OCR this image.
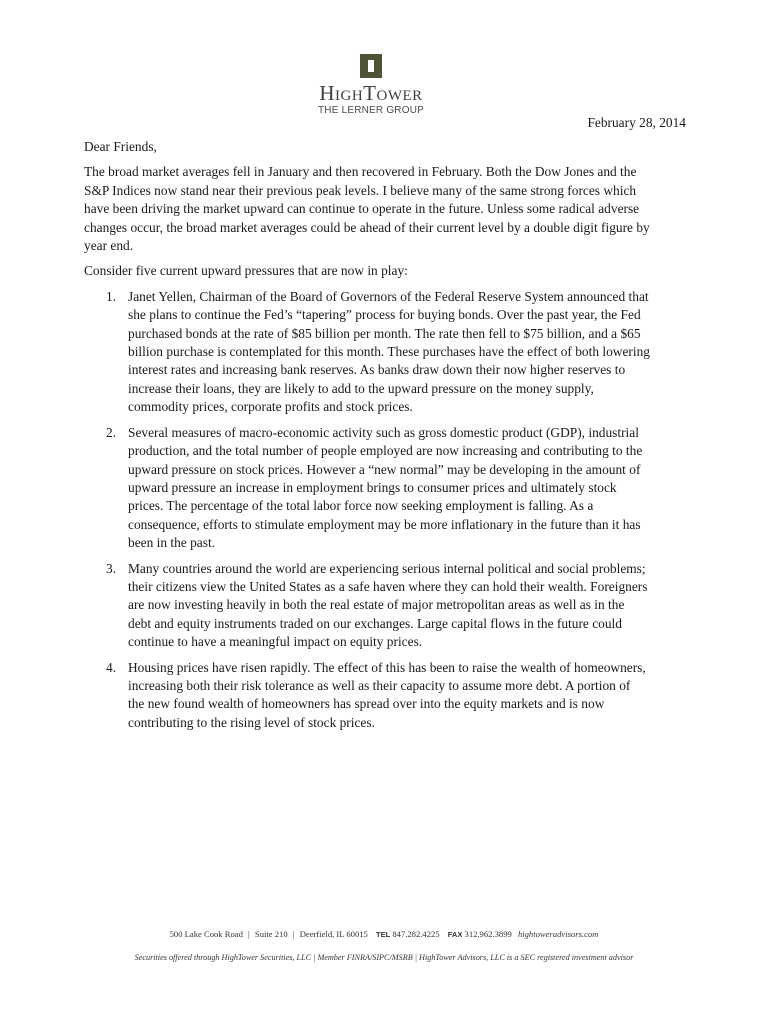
HighTower
THE LERNER GROUP
February 28, 2014

Dear Friends,

The broad market averages fell in January and then recovered in February. Both the Dow Jones and the S&P Indices now stand near their previous peak levels. I believe many of the same strong forces which have been driving the market upward can continue to operate in the future. Unless some radical adverse changes occur, the broad market averages could be ahead of their current level by a double digit figure by year end.

Consider five current upward pressures that are now in play:

1. Janet Yellen, Chairman of the Board of Governors of the Federal Reserve System announced that she plans to continue the Fed’s “tapering” process for buying bonds. Over the past year, the Fed purchased bonds at the rate of $85 billion per month. The rate then fell to $75 billion, and a $65 billion purchase is contemplated for this month. These purchases have the effect of both lowering interest rates and increasing bank reserves. As banks draw down their now higher reserves to increase their loans, they are likely to add to the upward pressure on the money supply, commodity prices, corporate profits and stock prices.
2. Several measures of macro-economic activity such as gross domestic product (GDP), industrial production, and the total number of people employed are now increasing and contributing to the upward pressure on stock prices. However a “new normal” may be developing in the amount of upward pressure an increase in employment brings to consumer prices and ultimately stock prices. The percentage of the total labor force now seeking employment is falling. As a consequence, efforts to stimulate employment may be more inflationary in the future than it has been in the past.
3. Many countries around the world are experiencing serious internal political and social problems; their citizens view the United States as a safe haven where they can hold their wealth. Foreigners are now investing heavily in both the real estate of major metropolitan areas as well as in the debt and equity instruments traded on our exchanges. Large capital flows in the future could continue to have a meaningful impact on equity prices.
4. Housing prices have risen rapidly. The effect of this has been to raise the wealth of homeowners, increasing both their risk tolerance as well as their capacity to assume more debt. A portion of the new found wealth of homeowners has spread over into the equity markets and is now contributing to the rising level of stock prices.
500 Lake Cook Road | Suite 210 | Deerfield, IL 60015 TEL 847.282.4225 FAX 312.962.3899 hightoweradvisors.com
Securities offered through HighTower Securities, LLC | Member FINRA/SIPC/MSRB | HighTower Advisors, LLC is a SEC registered investment advisor
